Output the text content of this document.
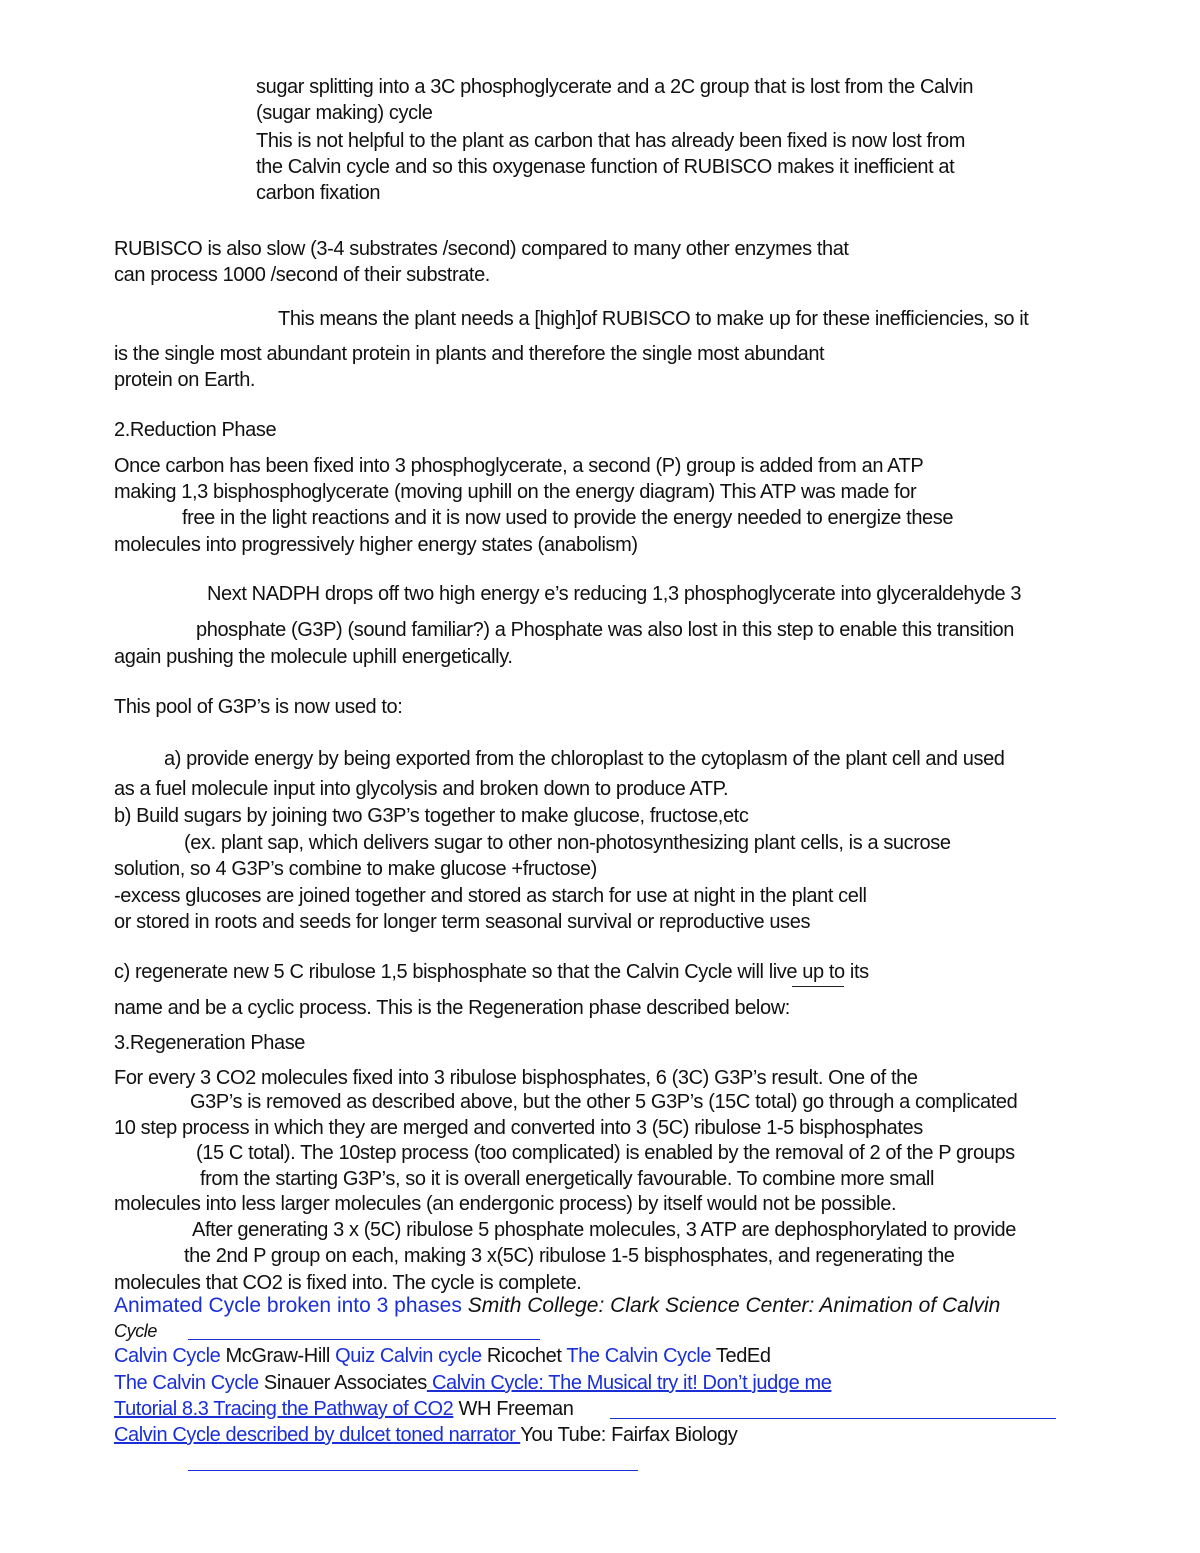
sugar splitting into a 3C phosphoglycerate and a 2C group that is lost from the Calvin
(sugar making) cycle
This is not helpful to the plant as carbon that has already been fixed is now lost from
the Calvin cycle and so this oxygenase function of RUBISCO makes it inefficient at
carbon fixation
RUBISCO is also slow (3-4 substrates /second) compared to many other enzymes that
can process 1000 /second of their substrate.
This means the plant needs a [high]of RUBISCO to make up for these inefficiencies, so it
is the single most abundant protein in plants and therefore the single most abundant
protein on Earth.
2.Reduction Phase
Once carbon has been fixed into 3 phosphoglycerate, a second (P) group is added from an ATP
making 1,3 bisphosphoglycerate (moving uphill on the energy diagram) This ATP was made for
free in the light reactions and it is now used to provide the energy needed to energize these
molecules into progressively higher energy states (anabolism)
Next NADPH drops off two high energy e’s reducing 1,3 phosphoglycerate into glyceraldehyde 3
phosphate (G3P) (sound familiar?) a Phosphate was also lost in this step to enable this transition
again pushing the molecule uphill energetically.
This pool of G3P’s is now used to:
a) provide energy by being exported from the chloroplast to the cytoplasm of the plant cell and used
as a fuel molecule input into glycolysis and broken down to produce ATP.
b) Build sugars by joining two G3P’s together to make glucose, fructose,etc
(ex. plant sap, which delivers sugar to other non-photosynthesizing plant cells, is a sucrose
solution, so 4 G3P’s combine to make glucose +fructose)
-excess glucoses are joined together and stored as starch for use at night in the plant cell
or stored in roots and seeds for longer term seasonal survival or reproductive uses
c) regenerate new 5 C ribulose 1,5 bisphosphate so that the Calvin Cycle will live up to its
name and be a cyclic process. This is the Regeneration phase described below:
3.Regeneration Phase
For every 3 CO2 molecules fixed into 3 ribulose bisphosphates, 6 (3C) G3P’s result. One of the
G3P’s is removed as described above, but the other 5 G3P’s (15C total) go through a complicated
10 step process in which they are merged and converted into 3 (5C) ribulose 1-5 bisphosphates
(15 C total). The 10step process (too complicated) is enabled by the removal of 2 of the P groups
from the starting G3P’s, so it is overall energetically favourable. To combine more small
molecules into less larger molecules (an endergonic process) by itself would not be possible.
After generating 3 x (5C) ribulose 5 phosphate molecules, 3 ATP are dephosphorylated to provide
the 2nd P group on each, making 3 x(5C) ribulose 1-5 bisphosphates, and regenerating the
molecules that CO2 is fixed into. The cycle is complete.
Animated Cycle broken into 3 phases Smith College: Clark Science Center: Animation of Calvin
Cycle
Calvin Cycle McGraw-Hill Quiz Calvin cycle Ricochet The Calvin Cycle TedEd
The Calvin Cycle Sinauer Associates Calvin Cycle: The Musical try it! Don’t judge me
Tutorial 8.3 Tracing the Pathway of CO2 WH Freeman
Calvin Cycle described by dulcet toned narrator You Tube: Fairfax Biology
